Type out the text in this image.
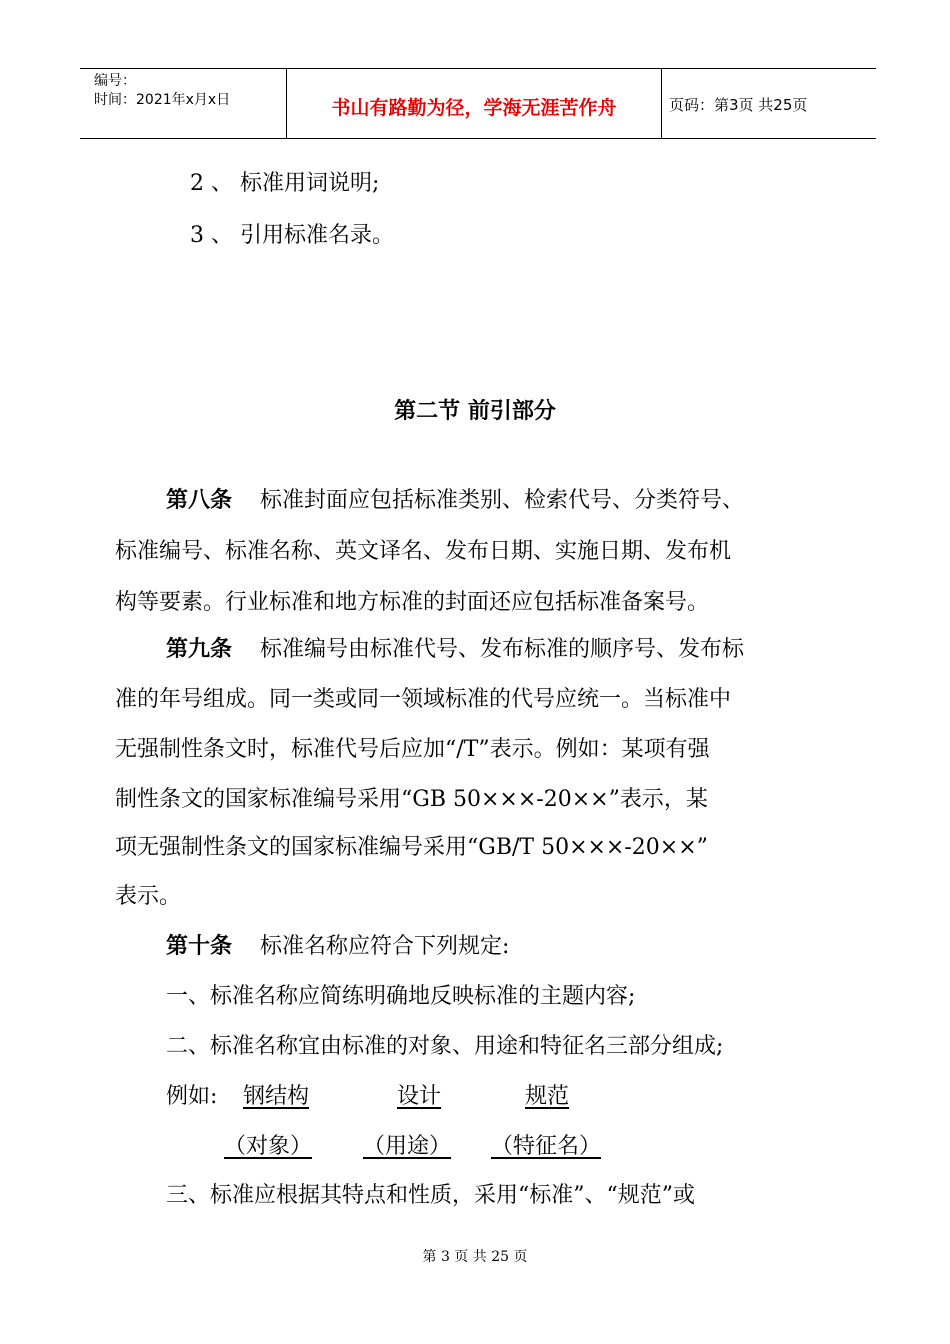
编号：
时间：2021年x月x日	书山有路勤为径，学海无涯苦作舟	页码：第3页 共25页
2 、 标准用词说明;
3 、 引用标准名录。
第二节 前引部分
第八条 标准封面应包括标准类别、检索代号、分类符号、
标准编号、标准名称、英文译名、发布日期、实施日期、发布机
构等要素。行业标准和地方标准的封面还应包括标准备案号。
第九条 标准编号由标准代号、发布标准的顺序号、发布标
准的年号组成。同一类或同一领域标准的代号应统一。当标准中
无强制性条文时，标准代号后应加“/T”表示。例如：某项有强
制性条文的国家标准编号采用“GB 50×××-20××”表示，某
项无强制性条文的国家标准编号采用“GB/T 50×××-20××”
表示。
第十条 标准名称应符合下列规定:
一、标准名称应简练明确地反映标准的主题内容;
二、标准名称宜由标准的对象、用途和特征名三部分组成;
例如: 钢结构	设计	规范
（对象） （用途） （特征名）
三、标准应根据其特点和性质，采用“标准”、“规范”或
第 3 页 共 25 页
